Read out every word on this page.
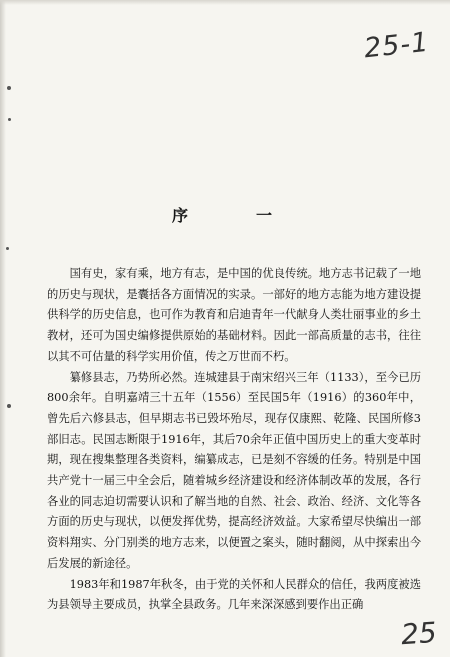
25-1
序　一

国有史，家有乘，地方有志，是中国的优良传统。地方志书记载了一地的历史与现状，是囊括各方面情况的实录。一部好的地方志能为地方建设提供科学的历史信息，也可作为教育和启迪青年一代献身人类壮丽事业的乡土教材，还可为国史编修提供原始的基础材料。因此一部高质量的志书，往往以其不可估量的科学实用价值，传之万世而不朽。

纂修县志，乃势所必然。连城建县于南宋绍兴三年（1133），至今已历800余年。自明嘉靖三十五年（1556）至民国5年（1916）的360年中，曾先后六修县志，但早期志书已毁坏殆尽，现存仅康熙、乾隆、民国所修3部旧志。民国志断限于1916年，其后70余年正值中国历史上的重大变革时期，现在搜集整理各类资料，编纂成志，已是刻不容缓的任务。特别是中国共产党十一届三中全会后，随着城乡经济建设和经济体制改革的发展，各行各业的同志迫切需要认识和了解当地的自然、社会、政治、经济、文化等各方面的历史与现状，以便发挥优势，提高经济效益。大家希望尽快编出一部资料翔实、分门别类的地方志来，以便置之案头，随时翻阅，从中探索出今后发展的新途径。

1983年和1987年秋冬，由于党的关怀和人民群众的信任，我两度被选为县领导主要成员，执掌全县政务。几年来深深感到要作出正确

25
